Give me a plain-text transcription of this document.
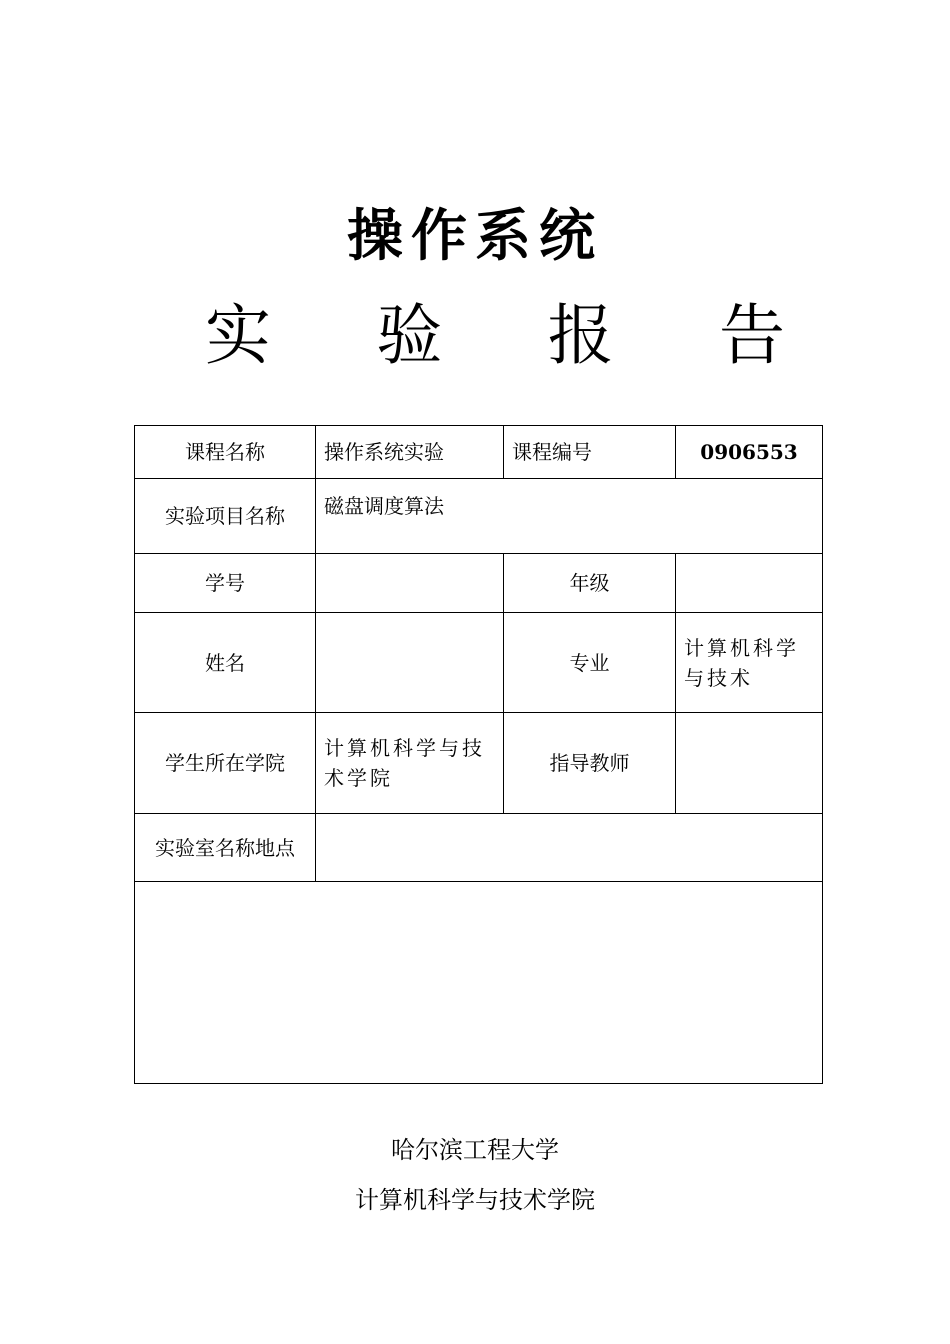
操作系统
实 验 报 告
课程名称	操作系统实验	课程编号	0906553
实验项目名称	磁盘调度算法		
学号		年级	
姓名		专业	计算机科学与技术
学生所在学院	计算机科学与技术学院	指导教师	
实验室名称地点			

哈尔滨工程大学
计算机科学与技术学院
